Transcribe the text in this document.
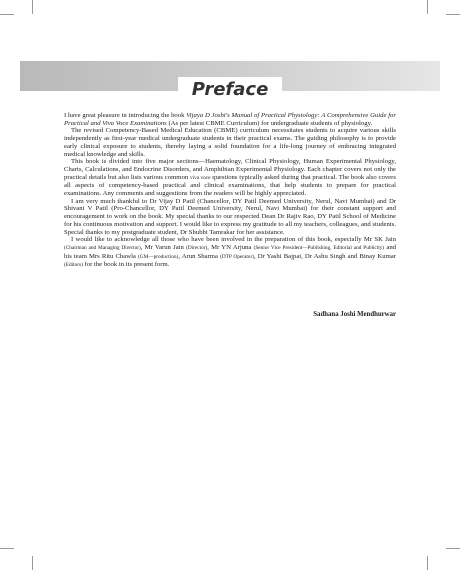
Preface

I have great pleasure in introducing the book Vijaya D Joshi's Manual of Practical Physiology: A Comprehensive Guide for Practical and Viva Voce Examinations (As per latest CBME Curriculum) for undergraduate students of physiology.

The revised Competency-Based Medical Education (CBME) curriculum necessitates students to acquire various skills independently as first-year medical undergraduate students in their practical exams. The guiding philosophy is to provide early clinical exposure to students, thereby laying a solid foundation for a life-long journey of embracing integrated medical knowledge and skills.

This book is divided into five major sections—Haematology, Clinical Physiology, Human Experimental Physiology, Charts, Calculations, and Endocrine Disorders, and Amphibian Experimental Physiology. Each chapter covers not only the practical details but also lists various common viva voce questions typically asked during that practical. The book also covers all aspects of competency-based practical and clinical examinations, that help students to prepare for practical examinations. Any comments and suggestions from the readers will be highly appreciated.

I am very much thankful to Dr Vijay D Patil (Chancellor, DY Patil Deemed University, Nerul, Navi Mumbai) and Dr Shivani V Patil (Pro-Chancellor, DY Patil Deemed University, Nerul, Navi Mumbai) for their constant support and encouragement to work on the book. My special thanks to our respected Dean Dr Rajiv Rao, DY Patil School of Medicine for his continuous motivation and support. I would like to express my gratitude to all my teachers, colleagues, and students. Special thanks to my postgraduate student, Dr Shubhi Tamrakar for her assistance.

I would like to acknowledge all those who have been involved in the preparation of this book, especially Mr SK Jain (Chairman and Managing Director), Mr Varun Jain (Director), Mr YN Arjuna (Senior Vice President—Publishing, Editorial and Publicity) and his team Mrs Ritu Chawla (GM—production), Arun Sharma (DTP Operator), Dr Yashi Bajpai, Dr Ashu Singh and Binay Kumar (Editors) for the book in its present form.

Sadhana Joshi Mendhurwar
